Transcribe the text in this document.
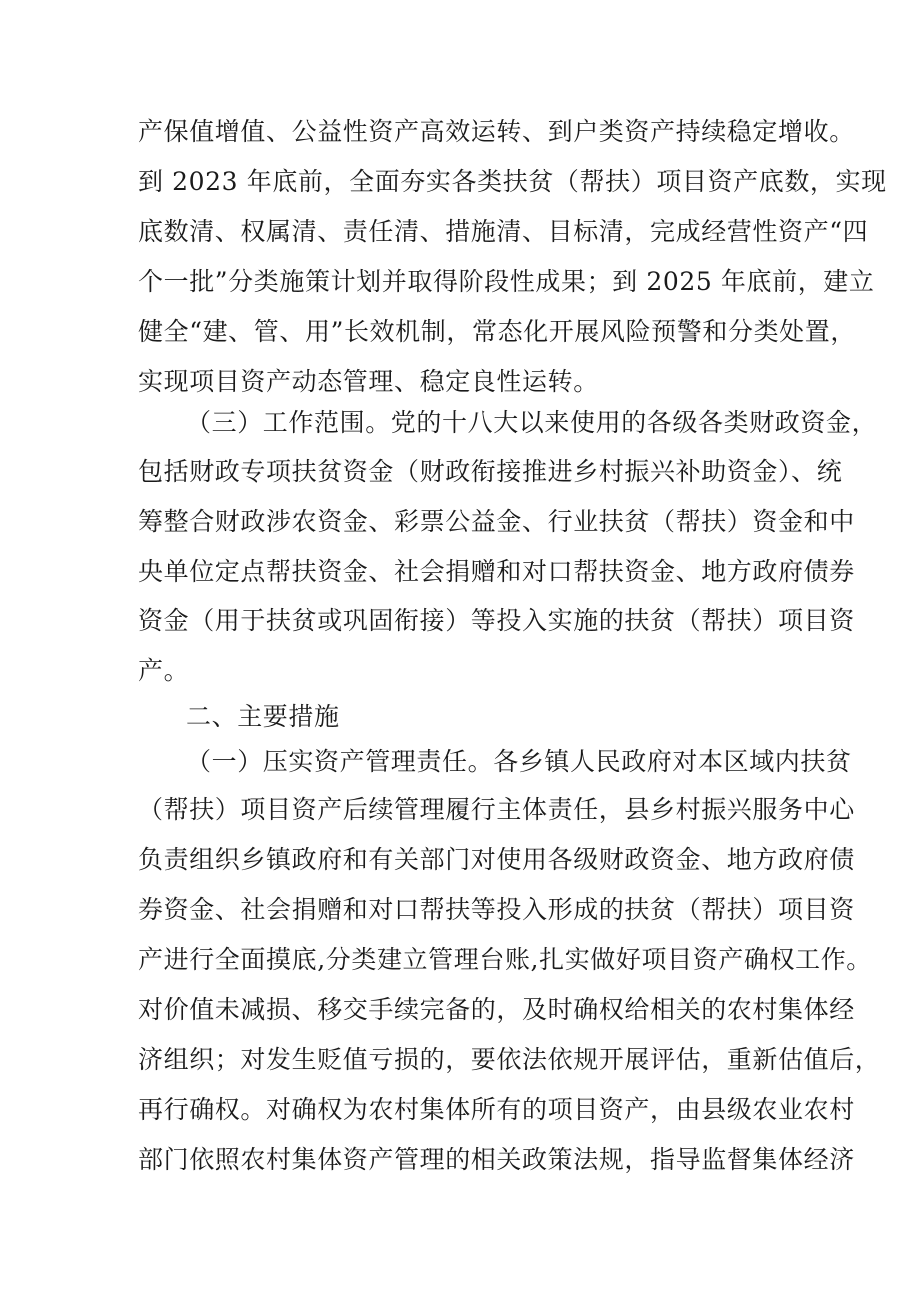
产保值增值、公益性资产高效运转、到户类资产持续稳定增收。
到 2023 年底前，全面夯实各类扶贫（帮扶）项目资产底数，实现
底数清、权属清、责任清、措施清、目标清，完成经营性资产“四
个一批”分类施策计划并取得阶段性成果；到 2025 年底前，建立
健全“建、管、用”长效机制，常态化开展风险预警和分类处置，
实现项目资产动态管理、稳定良性运转。
（三）工作范围。党的十八大以来使用的各级各类财政资金，
包括财政专项扶贫资金（财政衔接推进乡村振兴补助资金）、统
筹整合财政涉农资金、彩票公益金、行业扶贫（帮扶）资金和中
央单位定点帮扶资金、社会捐赠和对口帮扶资金、地方政府债券
资金（用于扶贫或巩固衔接）等投入实施的扶贫（帮扶）项目资
产。
二、主要措施
（一）压实资产管理责任。各乡镇人民政府对本区域内扶贫
（帮扶）项目资产后续管理履行主体责任，县乡村振兴服务中心
负责组织乡镇政府和有关部门对使用各级财政资金、地方政府债
券资金、社会捐赠和对口帮扶等投入形成的扶贫（帮扶）项目资
产进行全面摸底,分类建立管理台账,扎实做好项目资产确权工作。
对价值未减损、移交手续完备的，及时确权给相关的农村集体经
济组织；对发生贬值亏损的，要依法依规开展评估，重新估值后，
再行确权。对确权为农村集体所有的项目资产，由县级农业农村
部门依照农村集体资产管理的相关政策法规，指导监督集体经济
